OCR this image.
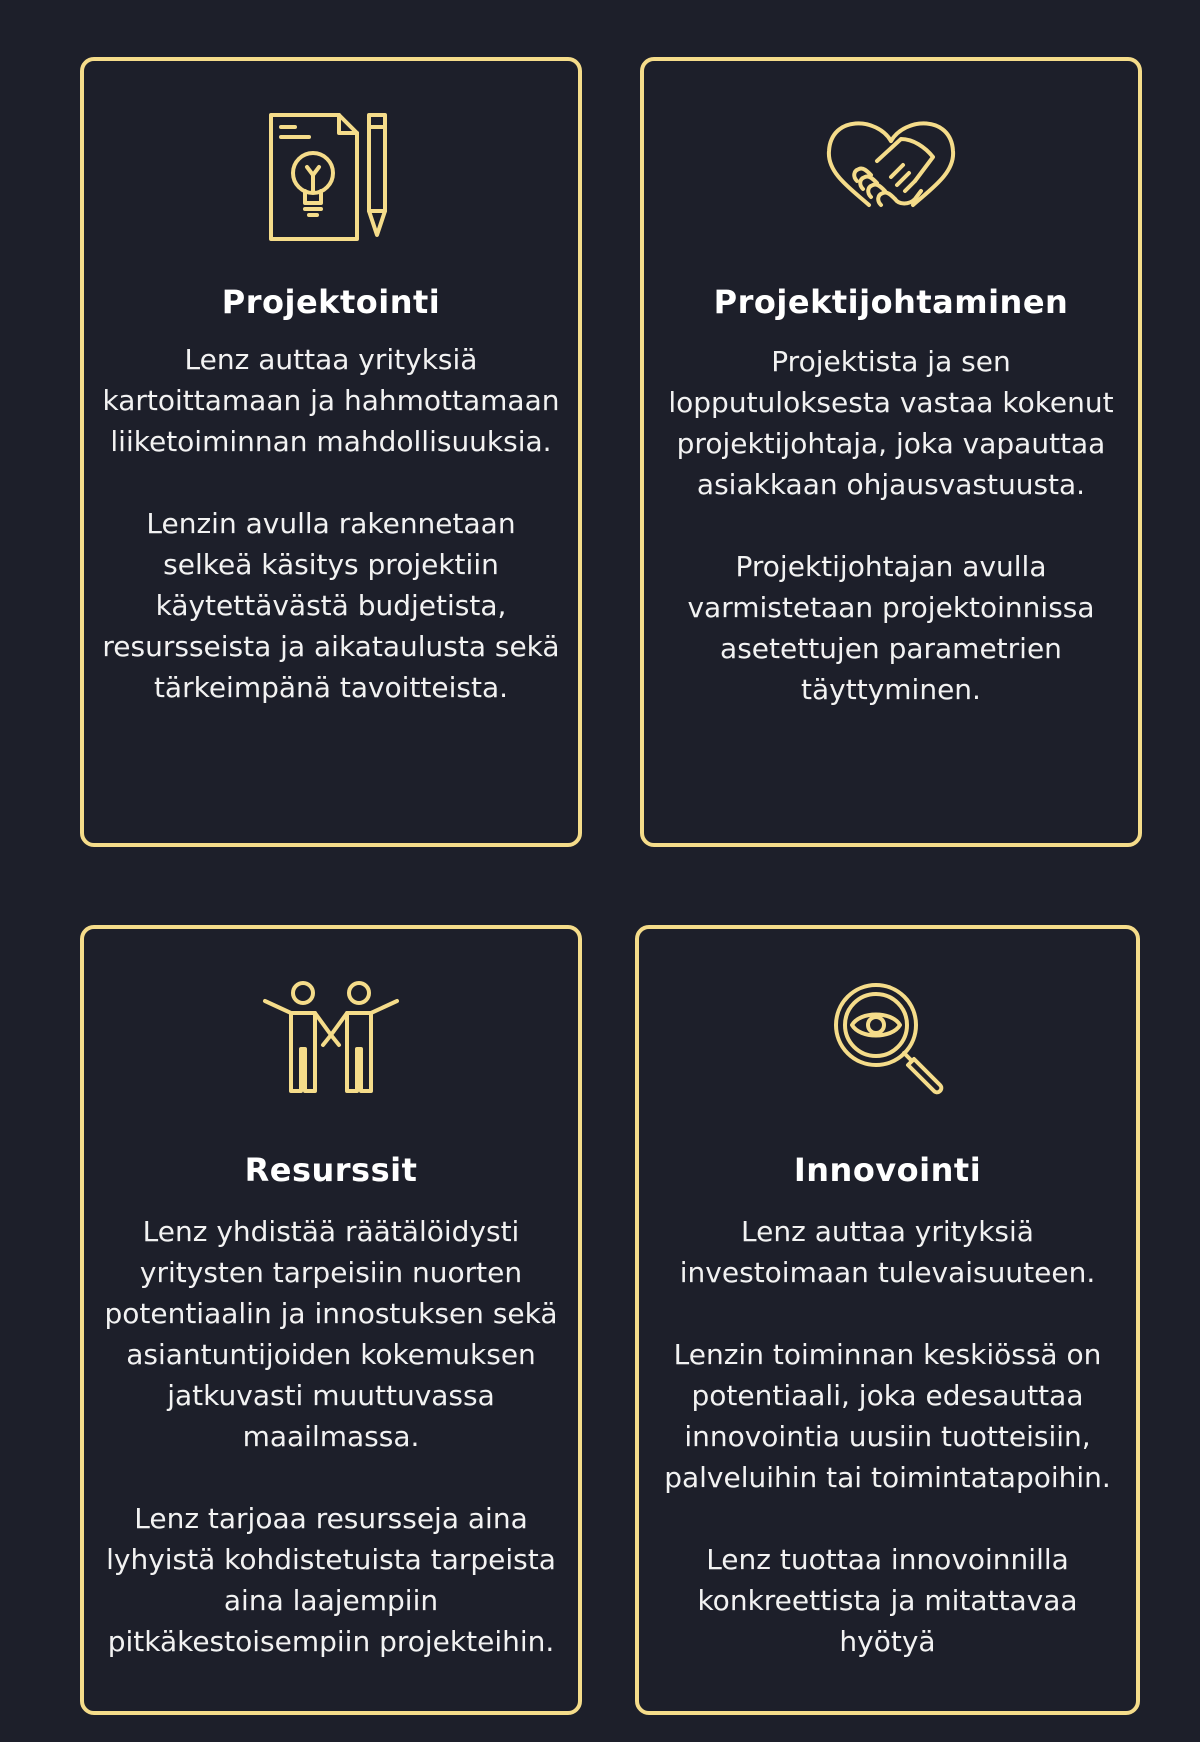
Projektointi

Lenz auttaa yrityksiä kartoittamaan ja hahmottamaan liiketoiminnan mahdollisuuksia.

Lenzin avulla rakennetaan selkeä käsitys projektiin käytettävästä budjetista, resursseista ja aikataulusta sekä tärkeimpänä tavoitteista.

Projektijohtaminen

Projektista ja sen lopputuloksesta vastaa kokenut projektijohtaja, joka vapauttaa asiakkaan ohjausvastuusta.

Projektijohtajan avulla varmistetaan projektoinnissa asetettujen parametrien täyttyminen.

Resurssit

Lenz yhdistää räätälöidysti yritysten tarpeisiin nuorten potentiaalin ja innostuksen sekä asiantuntijoiden kokemuksen jatkuvasti muuttuvassa maailmassa.

Lenz tarjoaa resursseja aina lyhyistä kohdistetuista tarpeista aina laajempiin pitkäkestoisempiin projekteihin.

Innovointi

Lenz auttaa yrityksiä investoimaan tulevaisuuteen.

Lenzin toiminnan keskiössä on potentiaali, joka edesauttaa innovointia uusiin tuotteisiin, palveluihin tai toimintatapoihin.

Lenz tuottaa innovoinnilla konkreettista ja mitattavaa hyötyä
